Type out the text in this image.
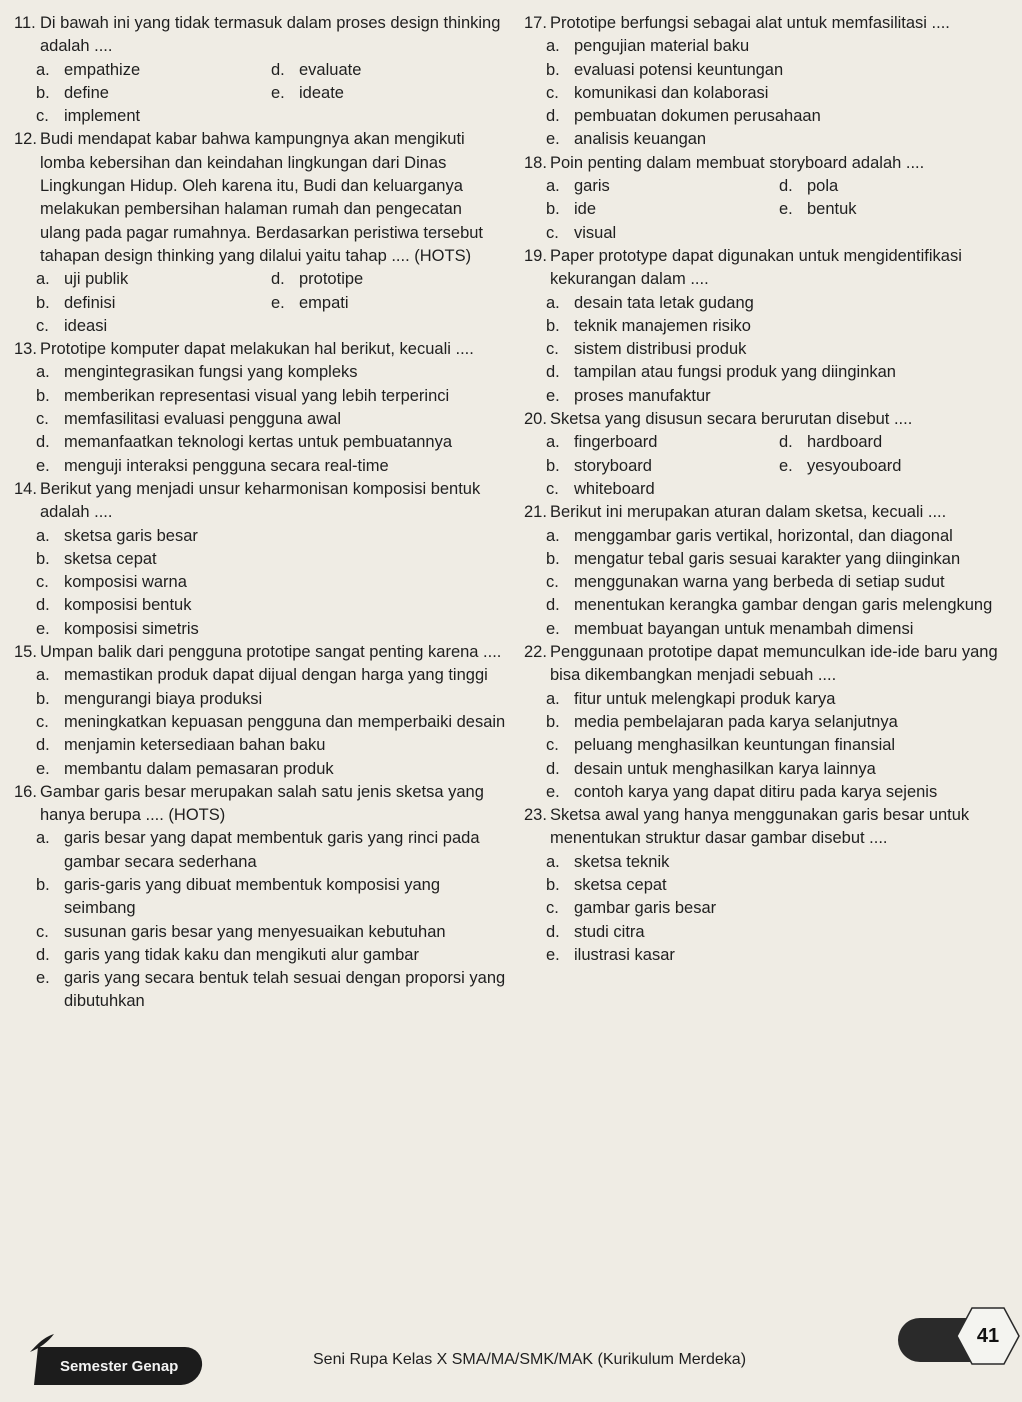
11. Di bawah ini yang tidak termasuk dalam proses design thinking adalah ....
a. empathize	d. evaluate
b. define	e. ideate
c. implement
12. Budi mendapat kabar bahwa kampungnya akan mengikuti lomba kebersihan dan keindahan lingkungan dari Dinas Lingkungan Hidup. Oleh karena itu, Budi dan keluarganya melakukan pembersihan halaman rumah dan pengecatan ulang pada pagar rumahnya. Berdasarkan peristiwa tersebut tahapan design thinking yang dilalui yaitu tahap .... (HOTS)
a. uji publik	d. prototipe
b. definisi	e. empati
c. ideasi
13. Prototipe komputer dapat melakukan hal berikut, kecuali ....
a. mengintegrasikan fungsi yang kompleks
b. memberikan representasi visual yang lebih terperinci
c. memfasilitasi evaluasi pengguna awal
d. memanfaatkan teknologi kertas untuk pembuatannya
e. menguji interaksi pengguna secara real-time
14. Berikut yang menjadi unsur keharmonisan komposisi bentuk adalah ....
a. sketsa garis besar
b. sketsa cepat
c. komposisi warna
d. komposisi bentuk
e. komposisi simetris
15. Umpan balik dari pengguna prototipe sangat penting karena ....
a. memastikan produk dapat dijual dengan harga yang tinggi
b. mengurangi biaya produksi
c. meningkatkan kepuasan pengguna dan memperbaiki desain
d. menjamin ketersediaan bahan baku
e. membantu dalam pemasaran produk
16. Gambar garis besar merupakan salah satu jenis sketsa yang hanya berupa .... (HOTS)
a. garis besar yang dapat membentuk garis yang rinci pada gambar secara sederhana
b. garis-garis yang dibuat membentuk komposisi yang seimbang
c. susunan garis besar yang menyesuaikan kebutuhan
d. garis yang tidak kaku dan mengikuti alur gambar
e. garis yang secara bentuk telah sesuai dengan proporsi yang dibutuhkan
17. Prototipe berfungsi sebagai alat untuk memfasilitasi ....
a. pengujian material baku
b. evaluasi potensi keuntungan
c. komunikasi dan kolaborasi
d. pembuatan dokumen perusahaan
e. analisis keuangan
18. Poin penting dalam membuat storyboard adalah ....
a. garis	d. pola
b. ide	e. bentuk
c. visual
19. Paper prototype dapat digunakan untuk mengidentifikasi kekurangan dalam ....
a. desain tata letak gudang
b. teknik manajemen risiko
c. sistem distribusi produk
d. tampilan atau fungsi produk yang diinginkan
e. proses manufaktur
20. Sketsa yang disusun secara berurutan disebut ....
a. fingerboard	d. hardboard
b. storyboard	e. yesyouboard
c. whiteboard
21. Berikut ini merupakan aturan dalam sketsa, kecuali ....
a. menggambar garis vertikal, horizontal, dan diagonal
b. mengatur tebal garis sesuai karakter yang diinginkan
c. menggunakan warna yang berbeda di setiap sudut
d. menentukan kerangka gambar dengan garis melengkung
e. membuat bayangan untuk menambah dimensi
22. Penggunaan prototipe dapat memunculkan ide-ide baru yang bisa dikembangkan menjadi sebuah ....
a. fitur untuk melengkapi produk karya
b. media pembelajaran pada karya selanjutnya
c. peluang menghasilkan keuntungan finansial
d. desain untuk menghasilkan karya lainnya
e. contoh karya yang dapat ditiru pada karya sejenis
23. Sketsa awal yang hanya menggunakan garis besar untuk menentukan struktur dasar gambar disebut ....
a. sketsa teknik
b. sketsa cepat
c. gambar garis besar
d. studi citra
e. ilustrasi kasar
Semester Genap	Seni Rupa Kelas X SMA/MA/SMK/MAK (Kurikulum Merdeka)
41
